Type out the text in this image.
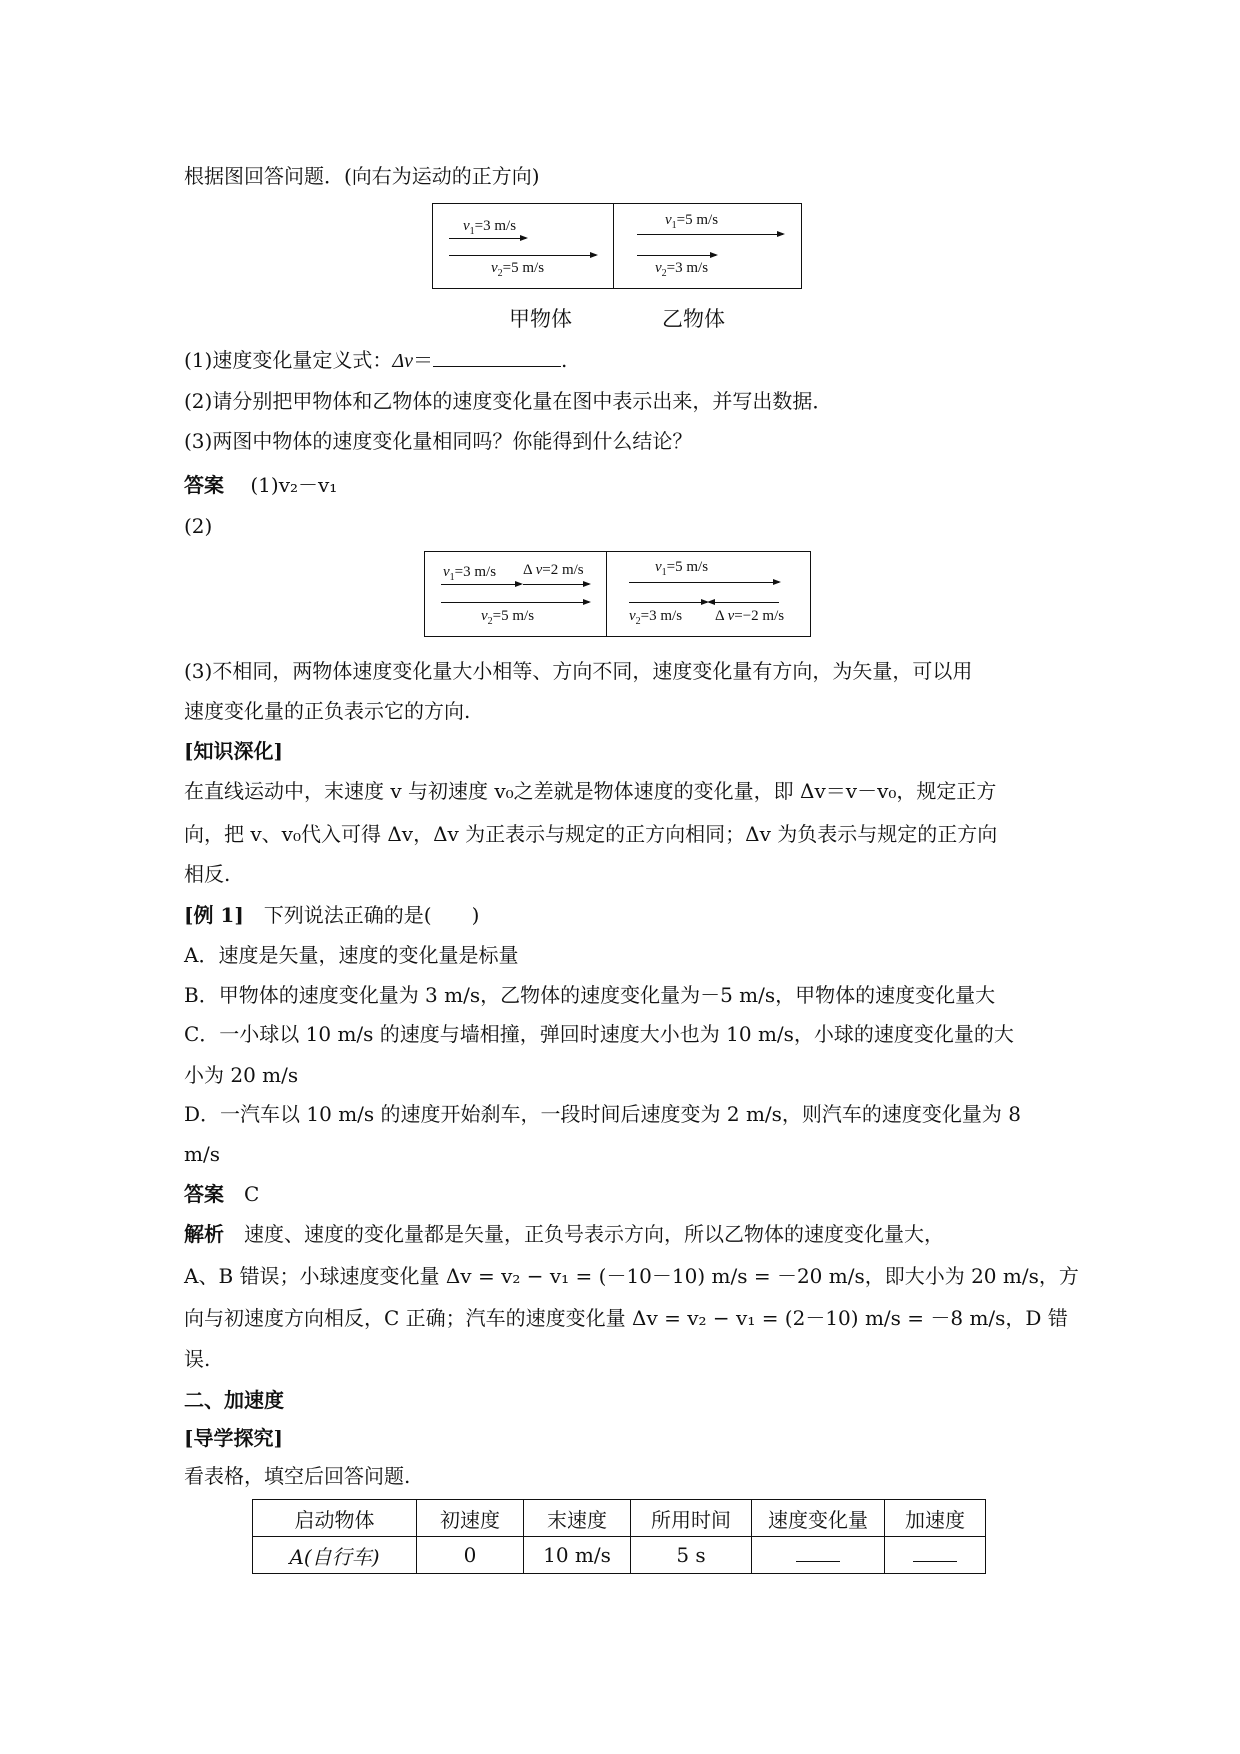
根据图回答问题．(向右为运动的正方向)
$v_1=3$ m/s
$v_2=5$ m/s
$v_1=5$ m/s
$v_2=3$ m/s
甲物体	乙物体
(1)速度变化量定义式：Δv＝	.
(2)请分别把甲物体和乙物体的速度变化量在图中表示出来，并写出数据．
(3)两图中物体的速度变化量相同吗？你能得到什么结论？
答案　 (1)v₂－v₁
(2)
$v_1=3$ m/s Δ v=2 m/s
$v_2=5$ m/s
$v_1=5$ m/s
$v_2=3$ m/s Δ v=−2 m/s
(3)不相同，两物体速度变化量大小相等、方向不同，速度变化量有方向，为矢量，可以用
速度变化量的正负表示它的方向.
[知识深化]
在直线运动中，末速度 v 与初速度 v₀之差就是物体速度的变化量，即 Δv＝v－v₀，规定正方
向，把 v、v₀代入可得 Δv，Δv 为正表示与规定的正方向相同；Δv 为负表示与规定的正方向
相反.
[例 1]　 下列说法正确的是(　　)
A．速度是矢量，速度的变化量是标量
B．甲物体的速度变化量为 3 m/s，乙物体的速度变化量为－5 m/s，甲物体的速度变化量大
C．一小球以 10 m/s 的速度与墙相撞，弹回时速度大小也为 10 m/s，小球的速度变化量的大
小为 20 m/s
D．一汽车以 10 m/s 的速度开始刹车，一段时间后速度变为 2 m/s，则汽车的速度变化量为 8
m/s
答案　 C
解析　 速度、速度的变化量都是矢量，正负号表示方向，所以乙物体的速度变化量大，
A、B 错误；小球速度变化量 Δv = v₂ − v₁ = (－10－10) m/s = －20 m/s，即大小为 20 m/s，方
向与初速度方向相反，C 正确；汽车的速度变化量 Δv = v₂ − v₁ = (2－10) m/s = －8 m/s，D 错
误.
二、加速度
[导学探究]
看表格，填空后回答问题.
启动物体	初速度	末速度	所用时间	速度变化量	加速度
A(自行车)	0	10 m/s	5 s		
